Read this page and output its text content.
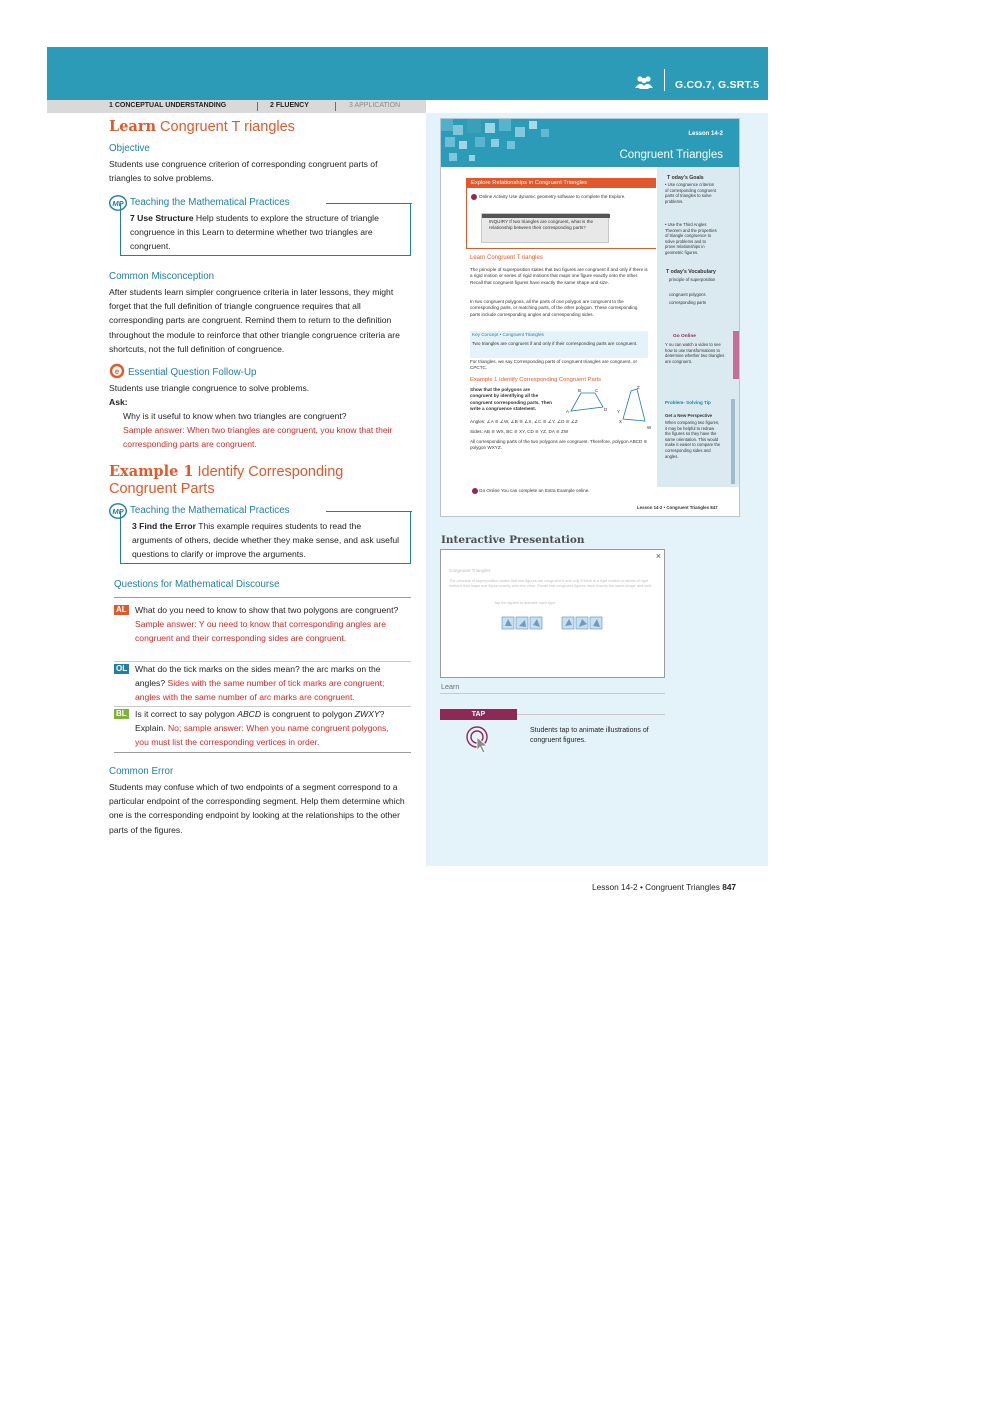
G.CO.7, G.SRT.5
1 CONCEPTUAL UNDERSTANDING	2 FLUENCY	3 APPLICATION
Learn Congruent T riangles
Objective
Students use congruence criterion of corresponding congruent parts of triangles to solve problems.
MP Teaching the Mathematical Practices
7 Use Structure Help students to explore the structure of triangle congruence in this Learn to determine whether two triangles are congruent.
Common Misconception
After students learn simpler congruence criteria in later lessons, they might forget that the full definition of triangle congruence requires that all corresponding parts are congruent. Remind them to return to the definition throughout the module to reinforce that other triangle congruence criteria are shortcuts, not the full definition of congruence.
e Essential Question Follow-Up
Students use triangle congruence to solve problems.
Ask:
Why is it useful to know when two triangles are congruent?
Sample answer: When two triangles are congruent, you know that their corresponding parts are congruent.
Example 1 Identify Corresponding
Congruent Parts
MP Teaching the Mathematical Practices
3 Find the Error This example requires students to read the arguments of others, decide whether they make sense, and ask useful questions to clarify or improve the arguments.
Questions for Mathematical Discourse
AL What do you need to know to show that two polygons are congruent? Sample answer: Y ou need to know that corresponding angles are congruent and their corresponding sides are congruent.
OL What do the tick marks on the sides mean? the arc marks on the angles? Sides with the same number of tick marks are congruent; angles with the same number of arc marks are congruent.
BL Is it correct to say polygon ABCD is congruent to polygon ZWXY? Explain. No; sample answer: When you name congruent polygons, you must list the corresponding vertices in order.
Common Error
Students may confuse which of two endpoints of a segment correspond to a particular endpoint of the corresponding segment. Help them determine which one is the corresponding endpoint by looking at the relationships to the other parts of the figures.
Lesson 14-2
Congruent Triangles
Explore Relationships in Congruent Triangles
Online Activity Use dynamic geometry software to complete the Explore.
INQUIRY If two triangles are congruent, what is the relationship between their corresponding parts?
Learn Congruent T riangles
The principle of superposition states that two figures are congruent if and only if there is a rigid motion or series of rigid motions that maps one figure exactly onto the other. Recall that congruent figures have exactly the same shape and size.
In two congruent polygons, all the parts of one polygon are congruent to the corresponding parts, or matching parts, of the other polygon. These corresponding parts include corresponding angles and corresponding sides.
Key Concept • Congruent Triangles
Two triangles are congruent if and only if their corresponding parts are congruent.
For triangles, we say Corresponding parts of congruent triangles are congruent, or CPCTC.
Example 1 Identify Corresponding Congruent Parts
Show that the polygons are congruent by identifying all the congruent corresponding parts. Then write a congruence statement.
A
B	C
D Y
Z
X
W
Angles: ∠A ≅ ∠W, ∠B ≅ ∠X, ∠C ≅ ∠Y, ∠D ≅ ∠Z
Sides: AB ≅ WX, BC ≅ XY, CD ≅ YZ, DA ≅ ZW
All corresponding parts of the two polygons are congruent. Therefore, polygon ABCD ≅ polygon WXYZ.
Go Online You can complete an Extra Example online.
T oday's Goals
• Use congruence criterion of corresponding congruent parts of triangles to solve problems.
• Use the Third Angles Theorem and the properties of triangle congruence to solve problems and to prove relationships in geometric figures.
T oday's Vocabulary
principle of superposition
congruent polygons
corresponding parts
Go Online
Y ou can watch a video to see how to use transformations to determine whether two triangles are congruent.
Problem- Solving Tip
Get a New Perspective
When comparing two figures, it may be helpful to redraw the figures so they have the same orientation. This would make it easier to compare the corresponding sides and angles.
Lesson 14-2 • Congruent Triangles 847
Interactive Presentation
×
Congruent Triangles
The principle of superposition states that two figures are congruent if and only if there is a rigid motion or series of rigid motions that maps one figure exactly onto the other. Recall that congruent figures have exactly the same shape and size.
Tap the figures to animate each type.
Learn
TAP
Students tap to animate illustrations of congruent figures.
Lesson 14-2 • Congruent Triangles 847
